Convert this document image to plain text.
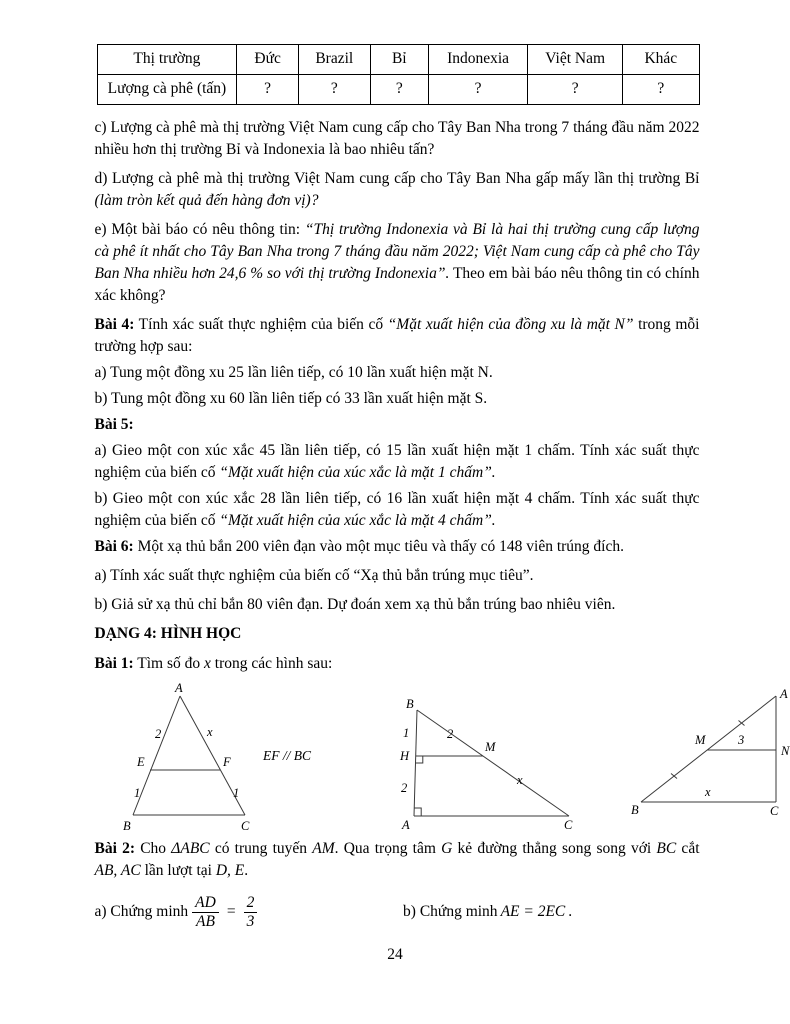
Thị trường	Đức	Brazil	Bỉ	Indonexia	Việt Nam	Khác
Lượng cà phê (tấn)	?	?	?	?	?	?

c) Lượng cà phê mà thị trường Việt Nam cung cấp cho Tây Ban Nha trong 7 tháng đầu năm 2022 nhiều hơn thị trường Bỉ và Indonexia là bao nhiêu tấn?

d) Lượng cà phê mà thị trường Việt Nam cung cấp cho Tây Ban Nha gấp mấy lần thị trường Bỉ (làm tròn kết quả đến hàng đơn vị)?

e) Một bài báo có nêu thông tin: “Thị trường Indonexia và Bỉ là hai thị trường cung cấp lượng cà phê ít nhất cho Tây Ban Nha trong 7 tháng đầu năm 2022; Việt Nam cung cấp cà phê cho Tây Ban Nha nhiều hơn 24,6 % so với thị trường Indonexia”. Theo em bài báo nêu thông tin có chính xác không?

Bài 4: Tính xác suất thực nghiệm của biến cố “Mặt xuất hiện của đồng xu là mặt N” trong mỗi trường hợp sau:

a) Tung một đồng xu 25 lần liên tiếp, có 10 lần xuất hiện mặt N.

b) Tung một đồng xu 60 lần liên tiếp có 33 lần xuất hiện mặt S.

Bài 5:

a) Gieo một con xúc xắc 45 lần liên tiếp, có 15 lần xuất hiện mặt 1 chấm. Tính xác suất thực nghiệm của biến cố “Mặt xuất hiện của xúc xắc là mặt 1 chấm”.

b) Gieo một con xúc xắc 28 lần liên tiếp, có 16 lần xuất hiện mặt 4 chấm. Tính xác suất thực nghiệm của biến cố “Mặt xuất hiện của xúc xắc là mặt 4 chấm”.

Bài 6: Một xạ thủ bắn 200 viên đạn vào một mục tiêu và thấy có 148 viên trúng đích.

a) Tính xác suất thực nghiệm của biến cố “Xạ thủ bắn trúng mục tiêu”.

b) Giả sử xạ thủ chỉ bắn 80 viên đạn. Dự đoán xem xạ thủ bắn trúng bao nhiêu viên.

DẠNG 4: HÌNH HỌC

Bài 1: Tìm số đo x trong các hình sau:

A
2	x
E	F
1	1
B	C
EF // BC
B
1
H
2
M
2
x
A	C
A
M	3
N
B
x
C

Bài 2: Cho ΔABC có trung tuyến AM. Qua trọng tâm G kẻ đường thẳng song song với BC cắt AB, AC lần lượt tại D, E.

a) Chứng minh $\frac{AD}{AB} = \frac{2}{3}$	b) Chứng minh AE = 2EC .
24
